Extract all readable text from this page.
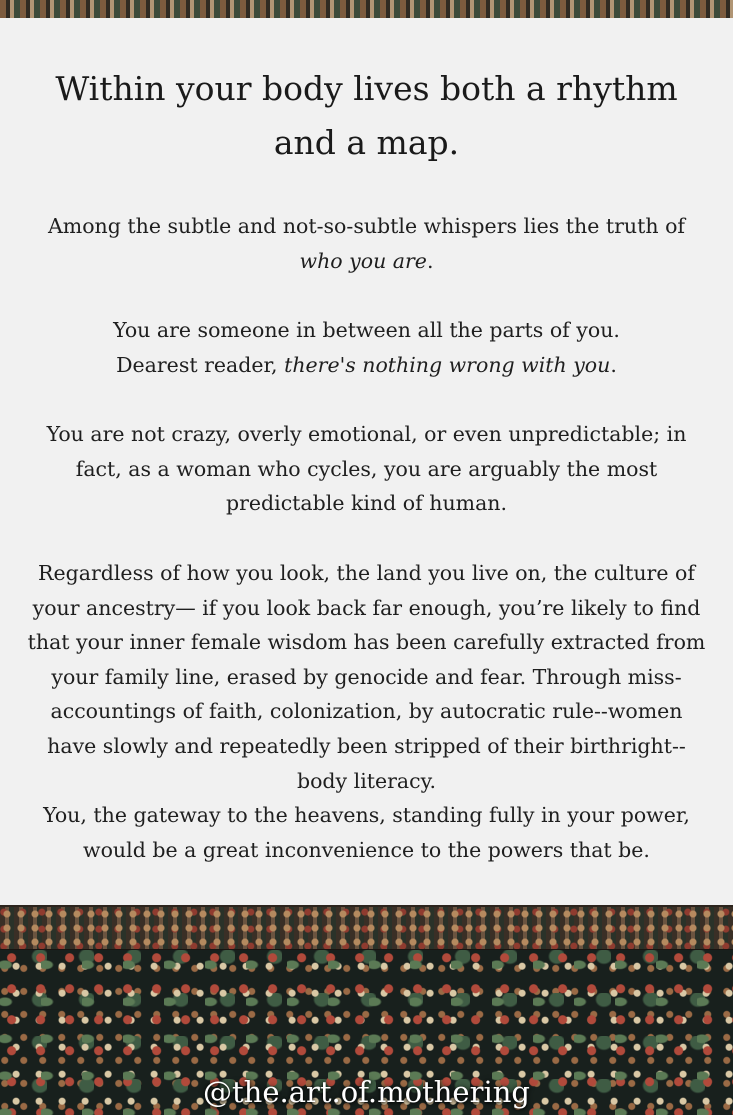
Within your body lives both a rhythm and a map.

Among the subtle and not-so-subtle whispers lies the truth of who you are.

You are someone in between all the parts of you.
Dearest reader, there's nothing wrong with you.

You are not crazy, overly emotional, or even unpredictable; in fact, as a woman who cycles, you are arguably the most predictable kind of human.

Regardless of how you look, the land you live on, the culture of your ancestry— if you look back far enough, you’re likely to find that your inner female wisdom has been carefully extracted from your family line, erased by genocide and fear. Through miss-accountings of faith, colonization, by autocratic rule--women have slowly and repeatedly been stripped of their birthright-- body literacy.

You, the gateway to the heavens, standing fully in your power, would be a great inconvenience to the powers that be.

@the.art.of.mothering
